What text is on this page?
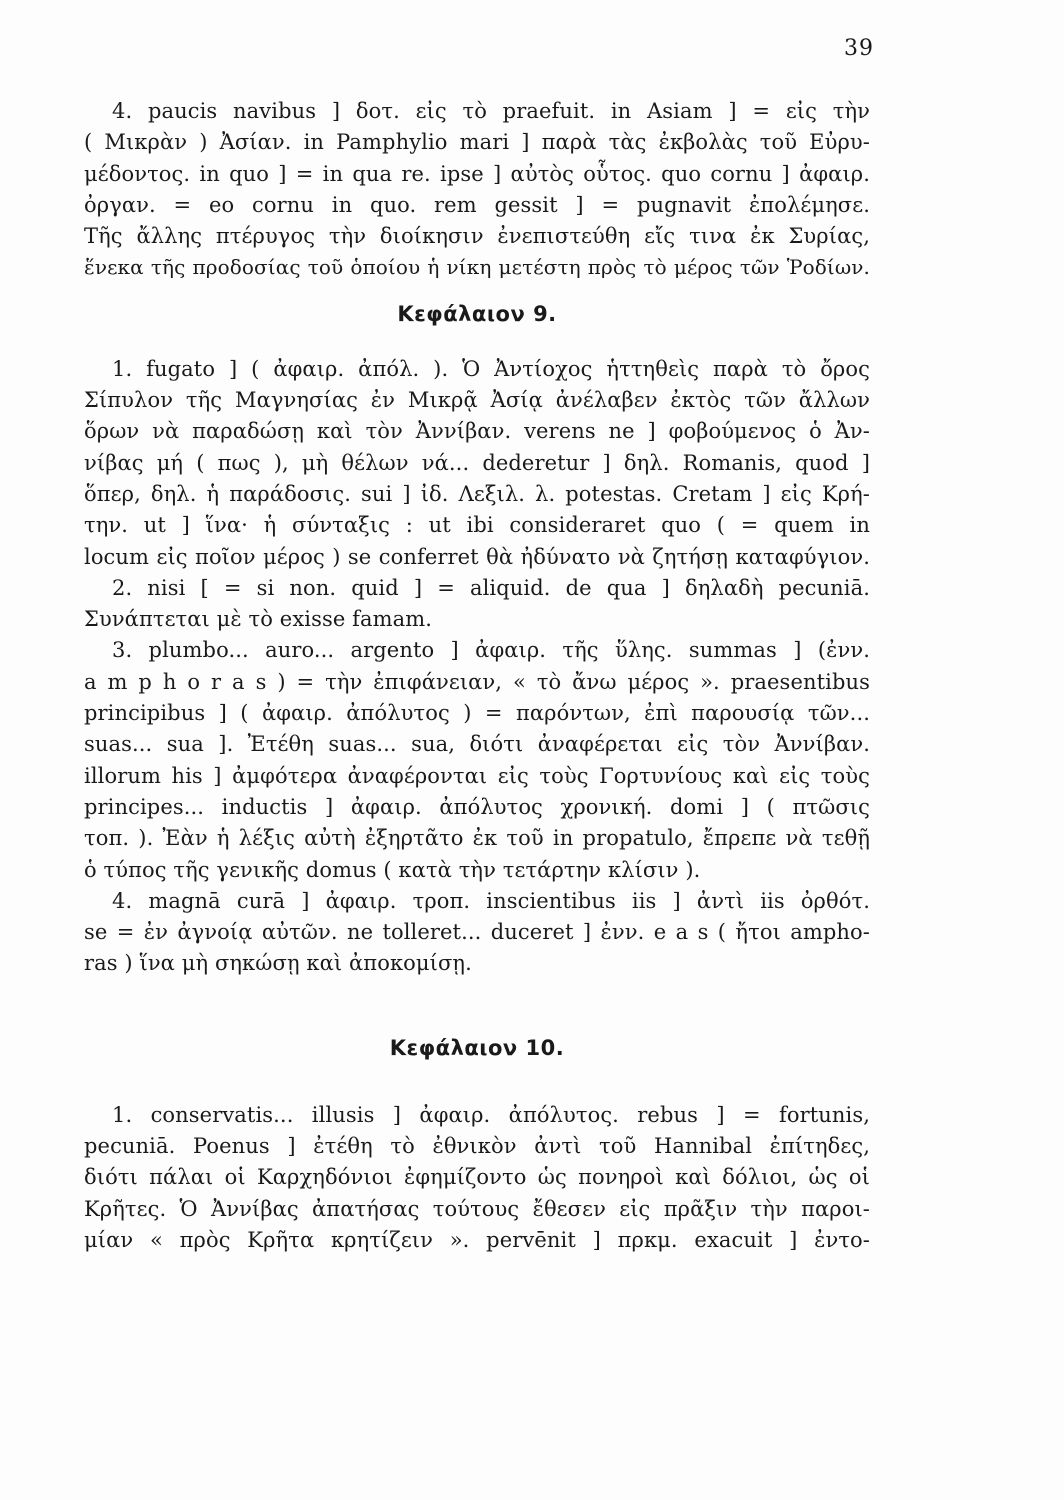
39
4. paucis navibus ] δοτ. εἰς τὸ praefuit. in Asiam ] = εἰς τὴν
( Μικρὰν ) Ἀσίαν. in Pamphylio mari ] παρὰ τὰς ἐκβολὰς τοῦ Εὐρυ-
μέδοντος. in quo ] = in qua re. ipse ] αὐτὸς οὗτος. quo cornu ] ἀφαιρ.
ὀργαν. = eo cornu in quo. rem gessit ] = pugnavit ἐπολέμησε.
Τῆς ἄλλης πτέρυγος τὴν διοίκησιν ἐνεπιστεύθη εἴς τινα ἐκ Συρίας,
ἕνεκα τῆς προδοσίας τοῦ ὁποίου ἡ νίκη μετέστη πρὸς τὸ μέρος τῶν Ῥοδίων.
Κεφάλαιον 9.
1. fugato ] ( ἀφαιρ. ἀπόλ. ). Ὁ Ἀντίοχος ἡττηθεὶς παρὰ τὸ ὄρος
Σίπυλον τῆς Μαγνησίας ἐν Μικρᾷ Ἀσίᾳ ἀνέλαβεν ἐκτὸς τῶν ἄλλων
ὅρων νὰ παραδώσῃ καὶ τὸν Ἀννίβαν. verens ne ] φοβούμενος ὁ Ἀν-
νίβας μή ( πως ), μὴ θέλων νά... dederetur ] δηλ. Romanis, quod ]
ὅπερ, δηλ. ἡ παράδοσις. sui ] ἰδ. Λεξιλ. λ. potestas. Cretam ] εἰς Κρή-
την. ut ] ἵνα· ἡ σύνταξις : ut ibi consideraret quo ( = quem in
locum εἰς ποῖον μέρος ) se conferret θὰ ἠδύνατο νὰ ζητήσῃ καταφύγιον.
2. nisi [ = si non. quid ] = aliquid. de qua ] δηλαδὴ pecuniā.
Συνάπτεται μὲ τὸ exisse famam.
3. plumbo... auro... argento ] ἀφαιρ. τῆς ὕλης. summas ] (ἐνν.
a m p h o r a s ) = τὴν ἐπιφάνειαν, « τὸ ἄνω μέρος ». praesentibus
principibus ] ( ἀφαιρ. ἀπόλυτος ) = παρόντων, ἐπὶ παρουσίᾳ τῶν...
suas... sua ]. Ἐτέθη suas... sua, διότι ἀναφέρεται εἰς τὸν Ἀννίβαν.
illorum his ] ἀμφότερα ἀναφέρονται εἰς τοὺς Γορτυνίους καὶ εἰς τοὺς
principes... inductis ] ἀφαιρ. ἀπόλυτος χρονική. domi ] ( πτῶσις
τοπ. ). Ἐὰν ἡ λέξις αὐτὴ ἐξηρτᾶτο ἐκ τοῦ in propatulo, ἔπρεπε νὰ τεθῇ
ὁ τύπος τῆς γενικῆς domus ( κατὰ τὴν τετάρτην κλίσιν ).
4. magnā curā ] ἀφαιρ. τροπ. inscientibus iis ] ἀντὶ iis ὀρθότ.
se = ἐν ἀγνοίᾳ αὐτῶν. ne tolleret... duceret ] ἐνν. e a s ( ἤτοι ampho-
ras ) ἵνα μὴ σηκώσῃ καὶ ἀποκομίσῃ.
Κεφάλαιον 10.
1. conservatis... illusis ] ἀφαιρ. ἀπόλυτος. rebus ] = fortunis,
pecuniā. Poenus ] ἐτέθη τὸ ἐθνικὸν ἀντὶ τοῦ Hannibal ἐπίτηδες,
διότι πάλαι οἱ Καρχηδόνιοι ἐφημίζοντο ὡς πονηροὶ καὶ δόλιοι, ὡς οἱ
Κρῆτες. Ὁ Ἀννίβας ἀπατήσας τούτους ἔθεσεν εἰς πρᾶξιν τὴν παροι-
μίαν « πρὸς Κρῆτα κρητίζειν ». pervēnit ] πρκμ. exacuit ] ἐντο-
